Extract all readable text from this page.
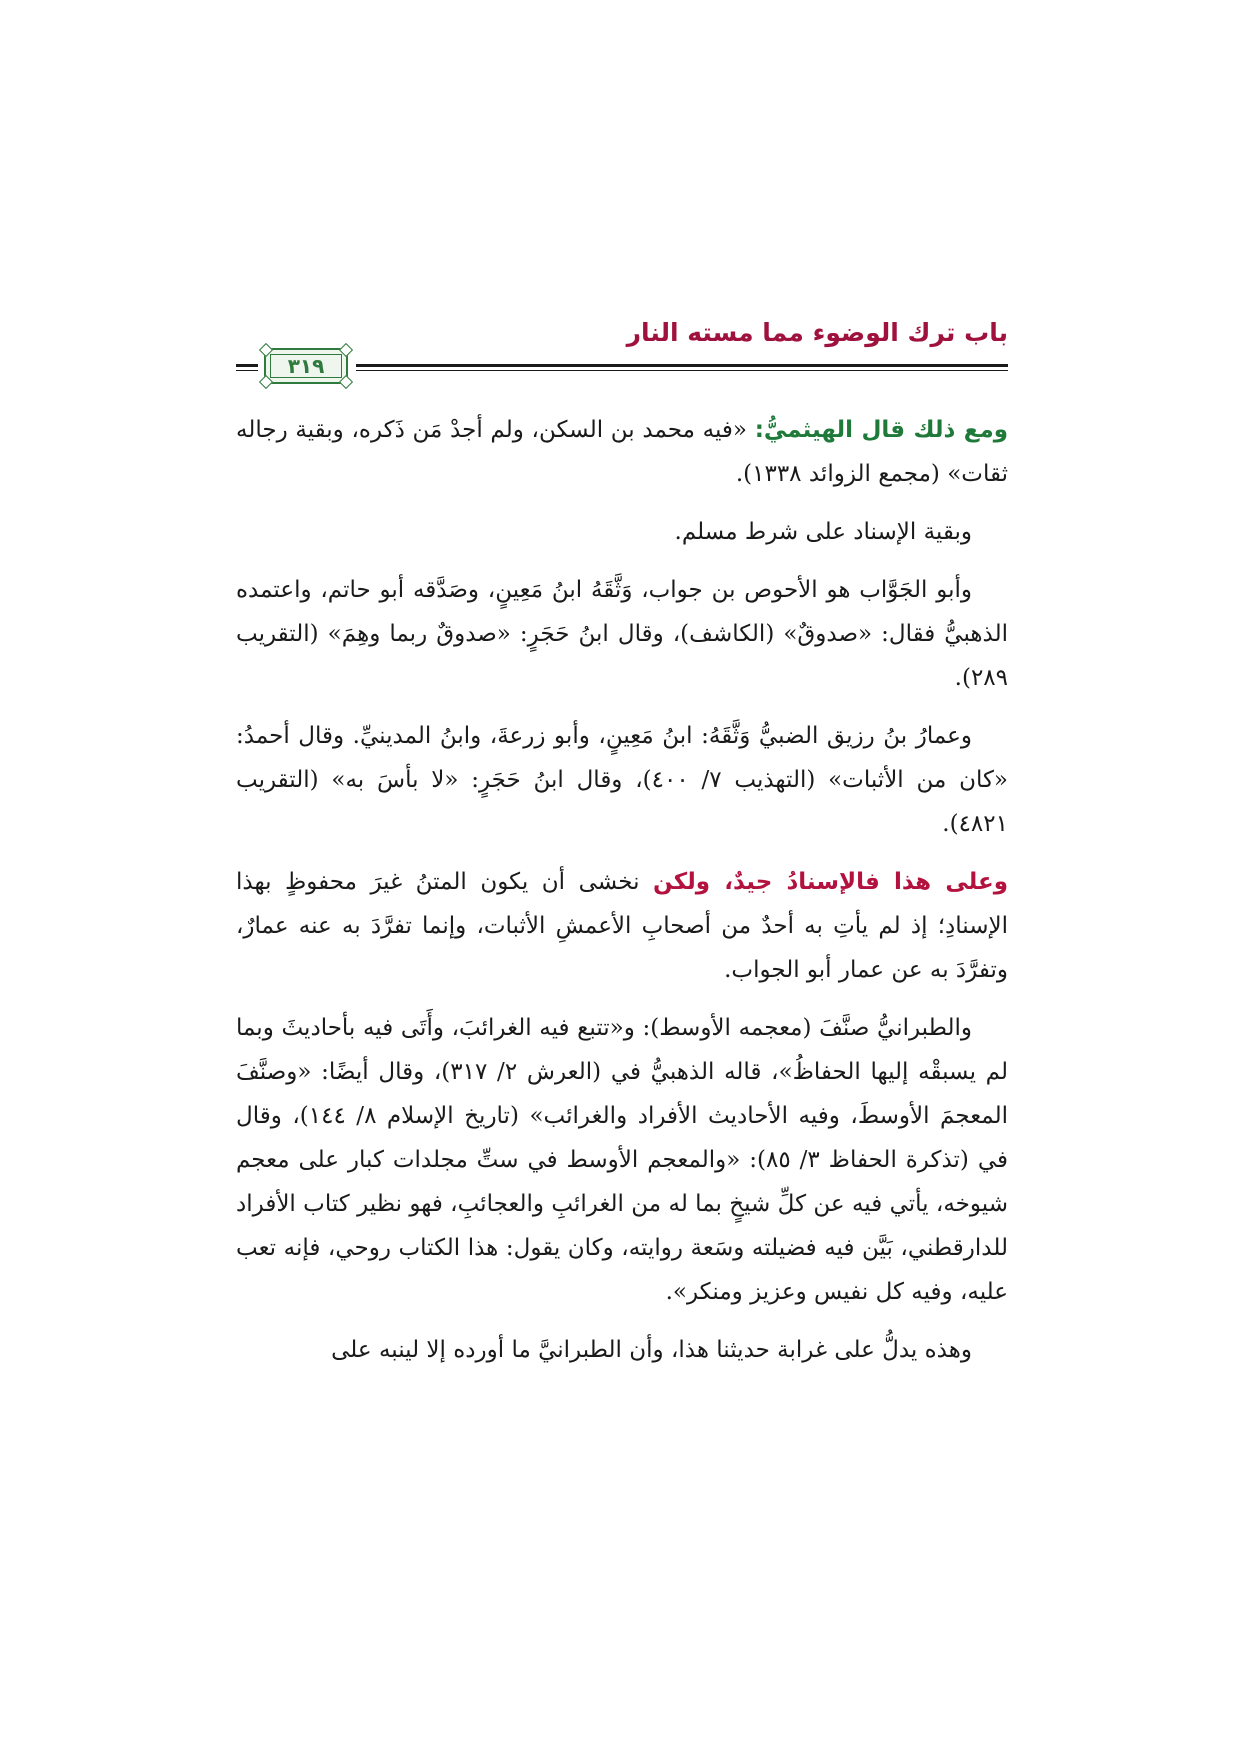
باب ترك الوضوء مما مسته النار
٣١٩

ومع ذلك قال الهيثميُّ: «فيه محمد بن السكن، ولم أجدْ مَن ذَكره، وبقية رجاله ثقات» (مجمع الزوائد ١٣٣٨).

وبقية الإسناد على شرط مسلم.

وأبو الجَوَّاب هو الأحوص بن جواب، وَثَّقَهُ ابنُ مَعِينٍ، وصَدَّقه أبو حاتم، واعتمده الذهبيُّ فقال: «صدوقٌ» (الكاشف)، وقال ابنُ حَجَرٍ: «صدوقٌ ربما وهِمَ» (التقريب ٢٨٩).

وعمارُ بنُ رزيق الضبيُّ وَثَّقَهُ: ابنُ مَعِينٍ، وأبو زرعةَ، وابنُ المدينيِّ. وقال أحمدُ: «كان من الأثبات» (التهذيب ٧/ ٤٠٠)، وقال ابنُ حَجَرٍ: «لا بأسَ به» (التقريب ٤٨٢١).

وعلى هذا فالإسنادُ جيدٌ، ولكن نخشى أن يكون المتنُ غيرَ محفوظٍ بهذا الإسنادِ؛ إذ لم يأتِ به أحدٌ من أصحابِ الأعمشِ الأثبات، وإنما تفرَّدَ به عنه عمارٌ، وتفرَّدَ به عن عمار أبو الجواب.

والطبرانيُّ صنَّفَ (معجمه الأوسط): و«تتبع فيه الغرائبَ، وأَتَى فيه بأحاديثَ وبما لم يسبقْه إليها الحفاظُ»، قاله الذهبيُّ في (العرش ٢/ ٣١٧)، وقال أيضًا: «وصنَّفَ المعجمَ الأوسطَ، وفيه الأحاديث الأفراد والغرائب» (تاريخ الإسلام ٨/ ١٤٤)، وقال في (تذكرة الحفاظ ٣/ ٨٥): «والمعجم الأوسط في ستِّ مجلدات كبار على معجم شيوخه، يأتي فيه عن كلِّ شيخٍ بما له من الغرائبِ والعجائبِ، فهو نظير كتاب الأفراد للدارقطني، بَيَّن فيه فضيلته وسَعة روايته، وكان يقول: هذا الكتاب روحي، فإنه تعب عليه، وفيه كل نفيس وعزيز ومنكر».

وهذه يدلُّ على غرابة حديثنا هذا، وأن الطبرانيَّ ما أورده إلا لينبه على
